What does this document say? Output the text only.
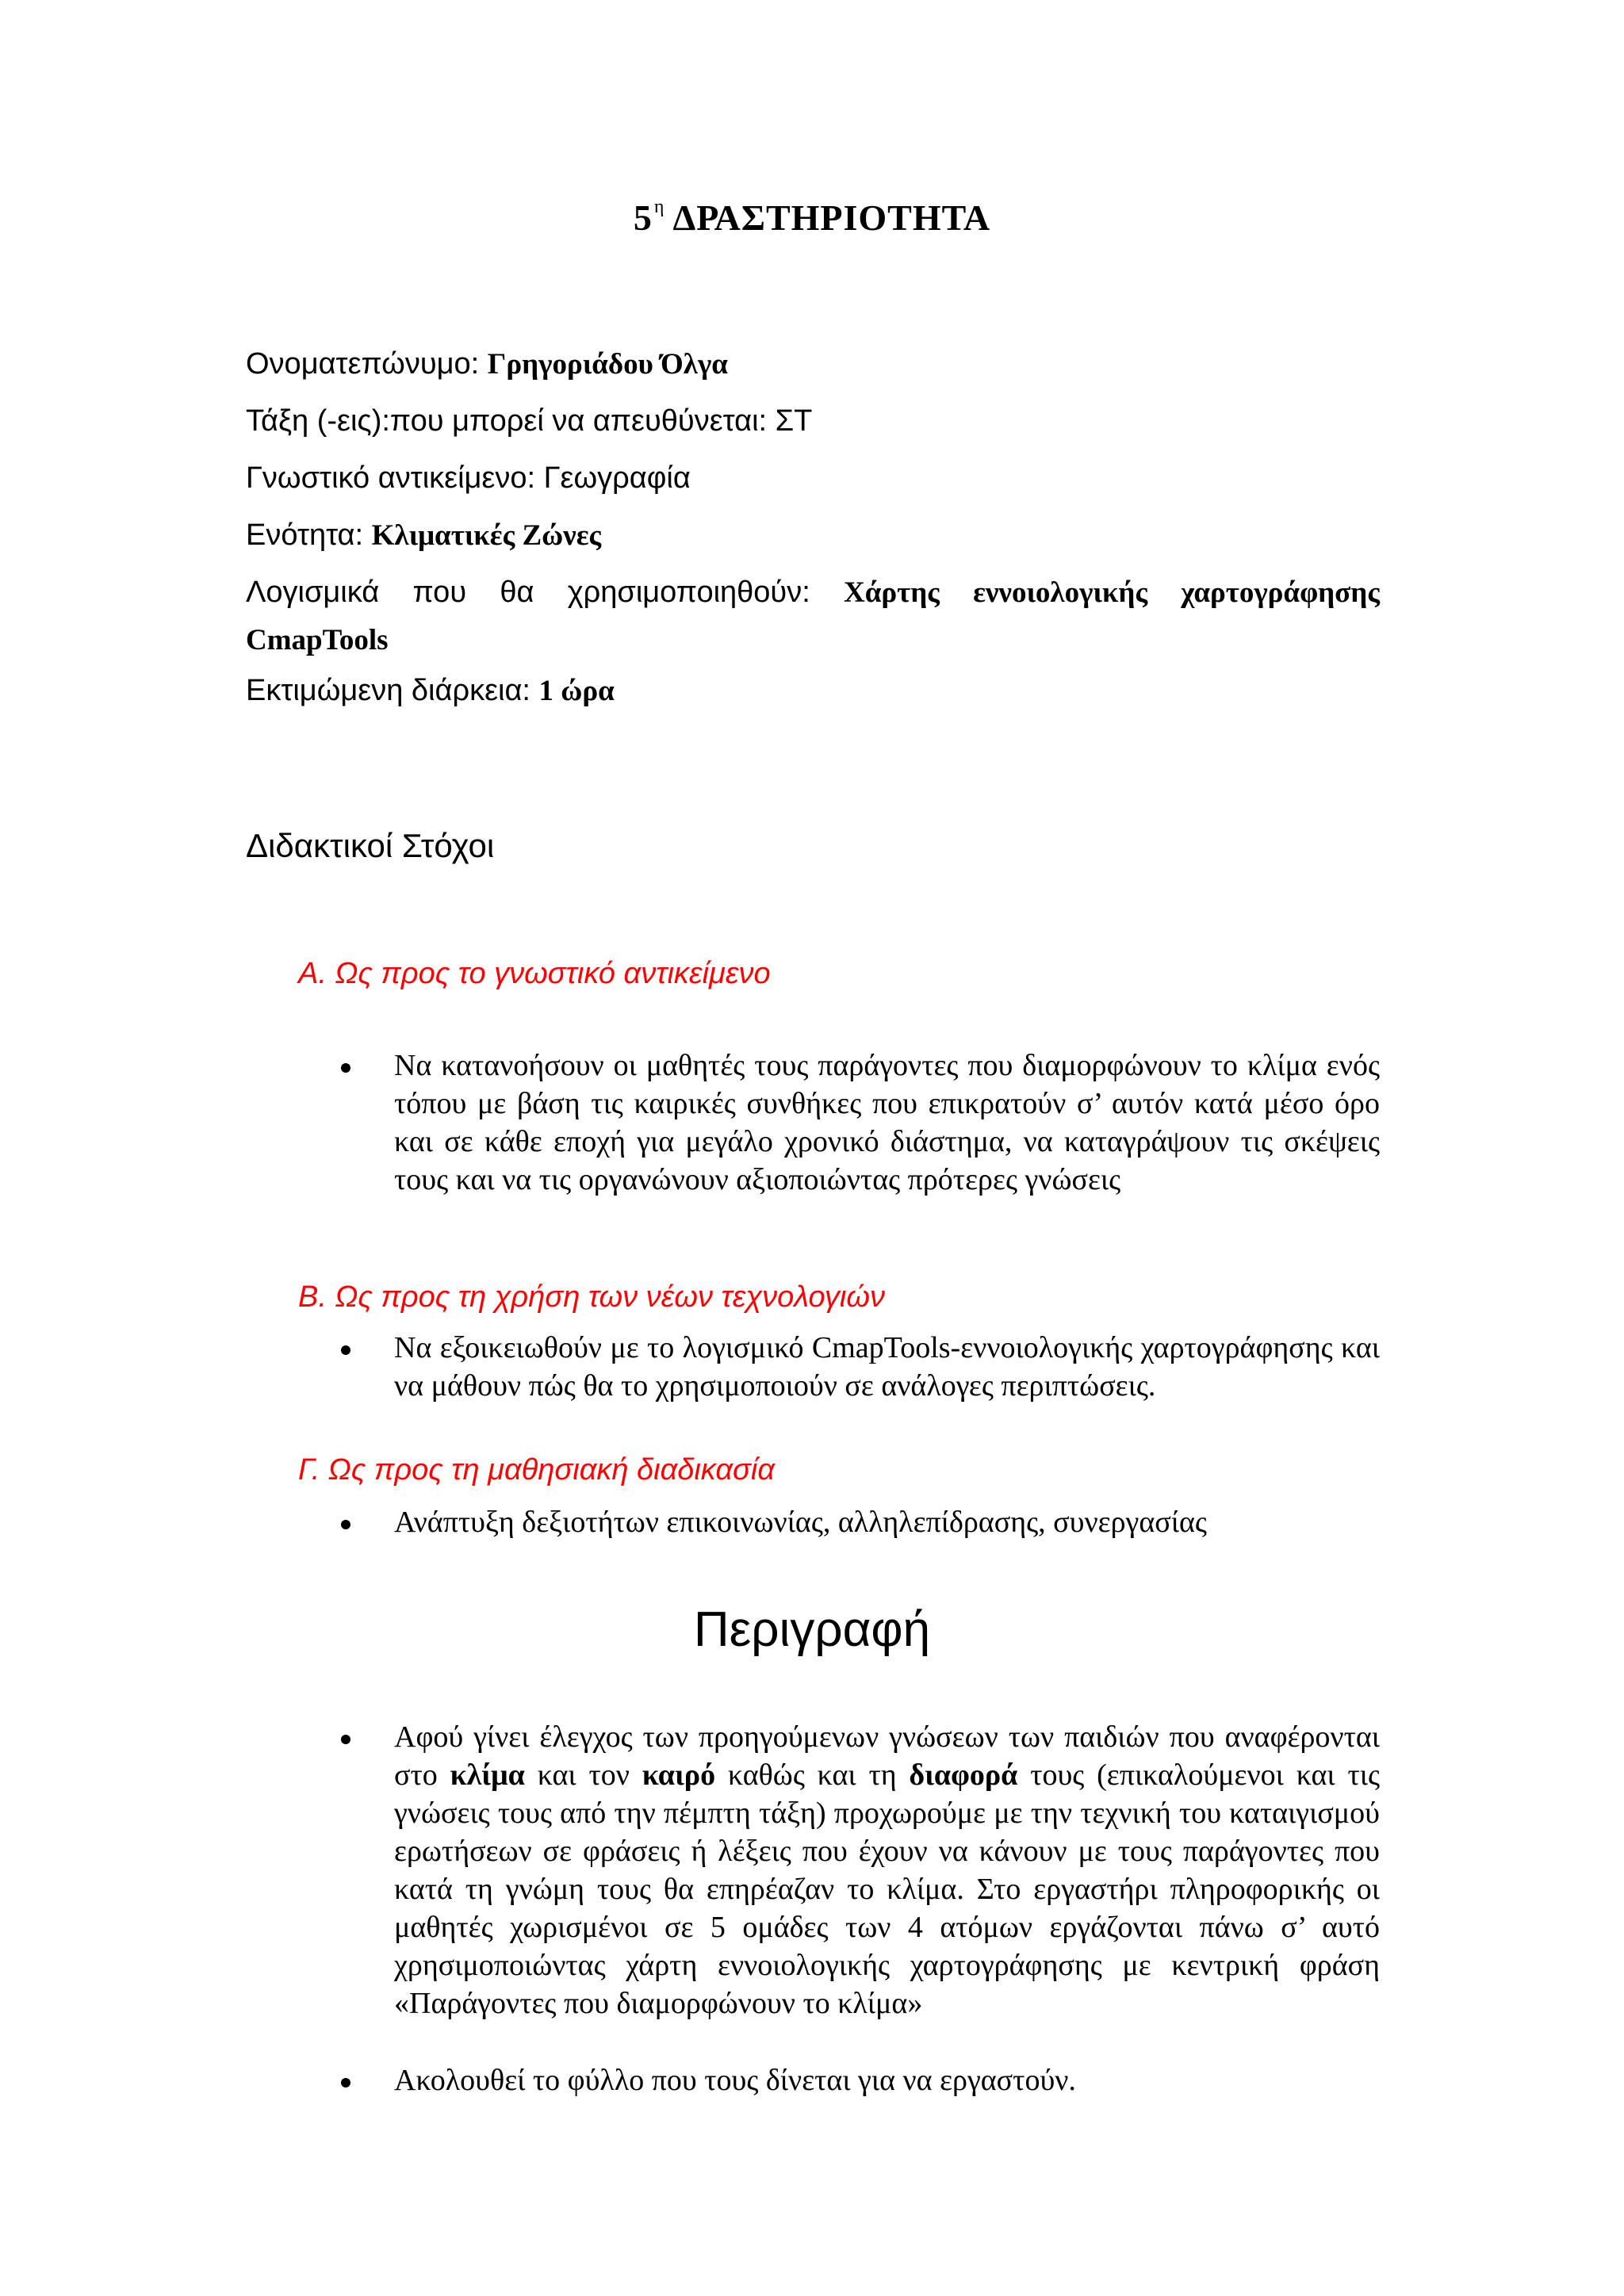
$5^\eta$ ΔΡΑΣΤΗΡΙΟΤΗΤΑ
Ονοματεπώνυμο: Γρηγοριάδου Όλγα
Τάξη (-εις):που μπορεί να απευθύνεται: ΣΤ
Γνωστικό αντικείμενο: Γεωγραφία
Ενότητα: Κλιματικές Ζώνες
Λογισμικά που θα χρησιμοποιηθούν: Χάρτης εννοιολογικής χαρτογράφησης
CmapTools
Εκτιμώμενη διάρκεια: 1 ώρα
Διδακτικοί Στόχοι
Α. Ως προς το γνωστικό αντικείμενο
Να κατανοήσουν οι μαθητές τους παράγοντες που διαμορφώνουν το κλίμα ενός τόπου με βάση τις καιρικές συνθήκες που επικρατούν σ’ αυτόν κατά μέσο όρο και σε κάθε εποχή για μεγάλο χρονικό διάστημα, να καταγράψουν τις σκέψεις τους και να τις οργανώνουν αξιοποιώντας πρότερες γνώσεις
Β. Ως προς τη χρήση των νέων τεχνολογιών
Να εξοικειωθούν με το λογισμικό CmapTools-εννοιολογικής χαρτογράφησης και να μάθουν πώς θα το χρησιμοποιούν σε ανάλογες περιπτώσεις.
Γ. Ως προς τη μαθησιακή διαδικασία
Ανάπτυξη δεξιοτήτων επικοινωνίας, αλληλεπίδρασης, συνεργασίας
Περιγραφή
Αφού γίνει έλεγχος των προηγούμενων γνώσεων των παιδιών που αναφέρονται στο κλίμα και τον καιρό καθώς και τη διαφορά τους (επικαλούμενοι και τις γνώσεις τους από την πέμπτη τάξη) προχωρούμε με την τεχνική του καταιγισμού ερωτήσεων σε φράσεις ή λέξεις που έχουν να κάνουν με τους παράγοντες που κατά τη γνώμη τους θα επηρέαζαν το κλίμα. Στο εργαστήρι πληροφορικής οι μαθητές χωρισμένοι σε 5 ομάδες των 4 ατόμων εργάζονται πάνω σ’ αυτό χρησιμοποιώντας χάρτη εννοιολογικής χαρτογράφησης με κεντρική φράση «Παράγοντες που διαμορφώνουν το κλίμα»
Ακολουθεί το φύλλο που τους δίνεται για να εργαστούν.
